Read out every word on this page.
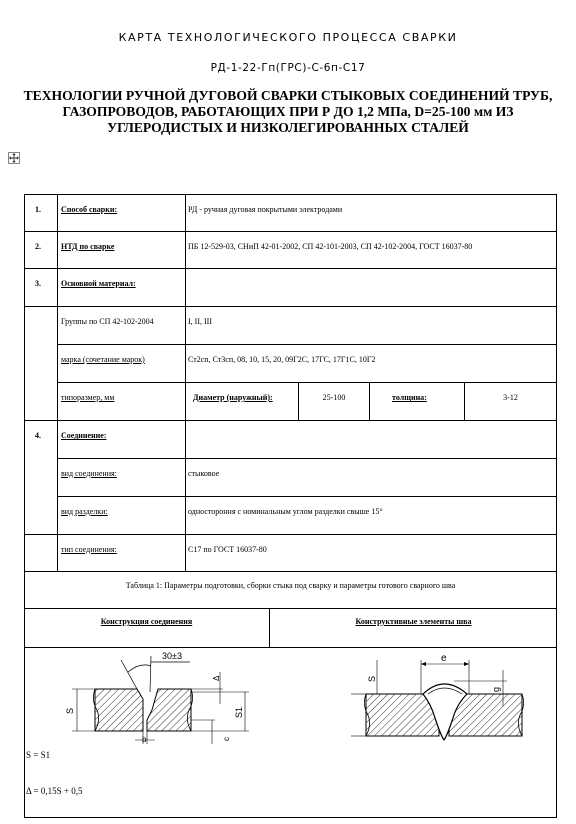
КАРТА ТЕХНОЛОГИЧЕСКОГО ПРОЦЕССА СВАРКИ
РД-1-22-Гп(ГРС)-С-6п-С17
ТЕХНОЛОГИИ РУЧНОЙ ДУГОВОЙ СВАРКИ СТЫКОВЫХ СОЕДИНЕНИЙ ТРУБ, ГАЗОПРОВОДОВ, РАБОТАЮЩИХ ПРИ Р ДО 1,2 МПа, D=25-100 мм ИЗ УГЛЕРОДИСТЫХ И НИЗКОЛЕГИРОВАННЫХ СТАЛЕЙ
1.	Способ сварки:	РД - ручная дуговая покрытыми электродами
2.	НТД по сварке	ПБ 12-529-03, СНиП 42-01-2002, СП 42-101-2003, СП 42-102-2004, ГОСТ 16037-80
3.	Основной материал:
Группы по СП 42-102-2004	I, II, III
марка (сочетание марок)	Ст2сп, Ст3сп, 08, 10, 15, 20, 09Г2С, 17ГС, 17Г1С, 10Г2
типоразмер, мм	Диаметр (наружный):	25-100	толщина:	3-12
4.	Соединение:
вид соединения:	стыковое
вид разделки:	одностороння с номинальным углом разделки свыше 15°
тип соединения:	С17 по ГОСТ 16037-80
Таблица 1: Параметры подготовки, сборки стыка под сварку и параметры готового сварного шва
Конструкция соединения	Конструктивные элементы шва
30±3
S
Δ
S1
c
b
S = S1
Δ = 0,15S + 0,5
e
g
S
